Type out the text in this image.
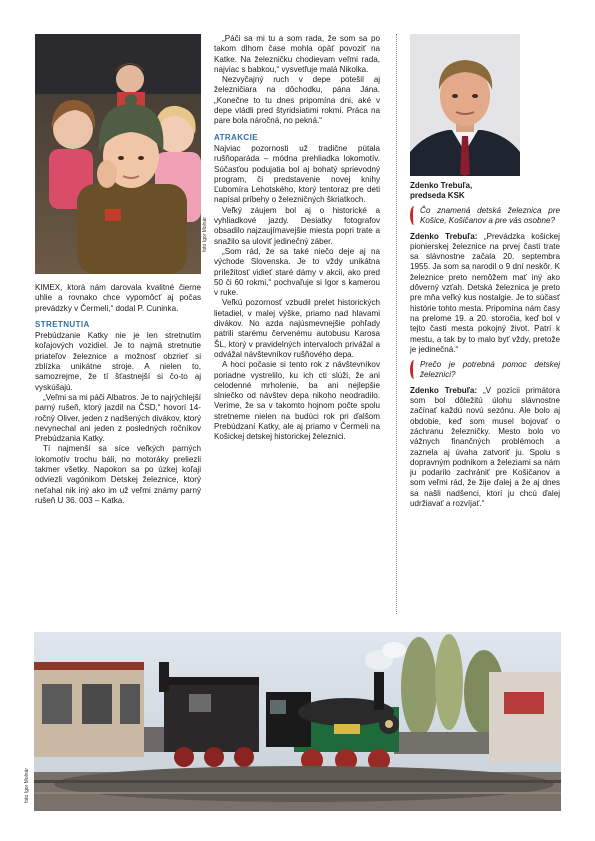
foto Igor Molnár

KIMEX, ktorá nám darovala kvalitné čierne uhlie a rovnako chce vypomôcť aj počas prevádzky v Čermeli,“ dodal P. Cuninka.

STRETNUTIA

Prebúdzanie Katky nie je len stretnutím koľajových vozidiel. Je to najmä stretnutie priateľov železnice a možnosť obzrieť si zblízka unikátne stroje. A nielen to, samozrejme, že tí šťastnejší si čo-to aj vyskúšajú.

„Veľmi sa mi páči Albatros. Je to najrýchlejší parný rušeň, ktorý jazdil na ČSD,“ hovorí 14-ročný Oliver, jeden z nadšených divákov, ktorý nevynechal ani jeden z posledných ročníkov Prebúdzania Katky.

Tí najmenší sa síce veľkých parných lokomotív trochu báli, no motoráky preliezli takmer všetky. Napokon sa po úzkej koľaji odviezli vagónikom Detskej železnice, ktorý neťahal nik iný ako im už veľmi známy parný rušeň U 36. 003 – Katka.

„Páči sa mi tu a som rada, že som sa po takom dlhom čase mohla opäť povoziť na Katke. Na železničku chodievam veľmi rada, najviac s babkou,“ vysvetľuje malá Nikolka.

Nezvyčajný ruch v depe potešil aj železničiara na dôchodku, pána Jána. „Konečne to tu dnes pripomína dni, aké v depe vládli pred štyridsiatimi rokmi. Práca na pare bola náročná, no pekná.“

ATRAKCIE

Najviac pozornosti už tradične pútala rušňoparáda – módna prehliadka lokomotív. Súčasťou podujatia bol aj bohatý sprievodný program, či predstavenie novej knihy Ľubomíra Lehotského, ktorý tentoraz pre deti napísal príbehy o železničných škriatkoch.

Veľký záujem bol aj o historické a vyhliadkové jazdy. Desiatky fotografov obsadilo najzaujímavejšie miesta popri trate a snažilo sa uloviť jedinečný záber.

„Som rád, že sa také niečo deje aj na východe Slovenska. Je to vždy unikátna príležitosť vidieť staré dámy v akcii, ako pred 50 či 60 rokmi,“ pochvaľuje si Igor s kamerou v ruke.

Veľkú pozornosť vzbudil prelet historických lietadiel, v malej výške, priamo nad hlavami divákov. No azda najúsmevnejšie pohľady patrili starému červenému autobusu Karosa ŠL, ktorý v pravidelných intervaloch privážal a odvážal návštevníkov rušňového depa.

A hoci počasie si tento rok z návštevníkov poriadne vystrelilo, ku ich cti slúži, že ani celodenné mrholenie, ba ani nejlepšie slniečko od návštev depa nikoho neodradilo. Veríme, že sa v takomto hojnom počte spolu stretneme nielen na budúci rok pri ďalšom Prebúdzaní Katky, ale aj priamo v Čermeli na Košickej detskej historickej železnici.

Zdenko Trebuľa,
predseda KSK
Čo znamená detská železnica pre Košice, Košičanov a pre vás osobne?

Zdenko Trebuľa: „Prevádzka košickej pionierskej železnice na prvej časti trate sa slávnostne začala 20. septembra 1955. Ja som sa narodil o 9 dní neskôr. K železnice preto nemôžem mať iný ako dôverný vzťah. Detská železnica je preto pre mňa veľký kus nostalgie. Je to súčasť histórie tohto mesta. Pripomína nám časy na prelome 19. a 20. storočia, keď bol v tejto časti mesta pokojný život. Patrí k mestu, a tak by to malo byť vždy, pretože je jedinečná.“

Prečo je potrebná pomoc detskej železnici?

Zdenko Trebuľa: „V pozícii primátora som bol dôležitú úlohu slávnostne začínať každú novú sezónu. Ale bolo aj obdobie, keď som musel bojovať o záchranu železničky. Mesto bolo vo vážnych finančných problémoch a zaznela aj úvaha zatvoriť ju. Spolu s dopravným podnikom a železiami sa nám ju podarilo zachrániť pre Košičanov a som veľmi rád, že žije ďalej a že aj dnes sa našli nadšenci, ktorí ju chcú ďalej udržiavať a rozvíjať.“

foto Igor Molnár
